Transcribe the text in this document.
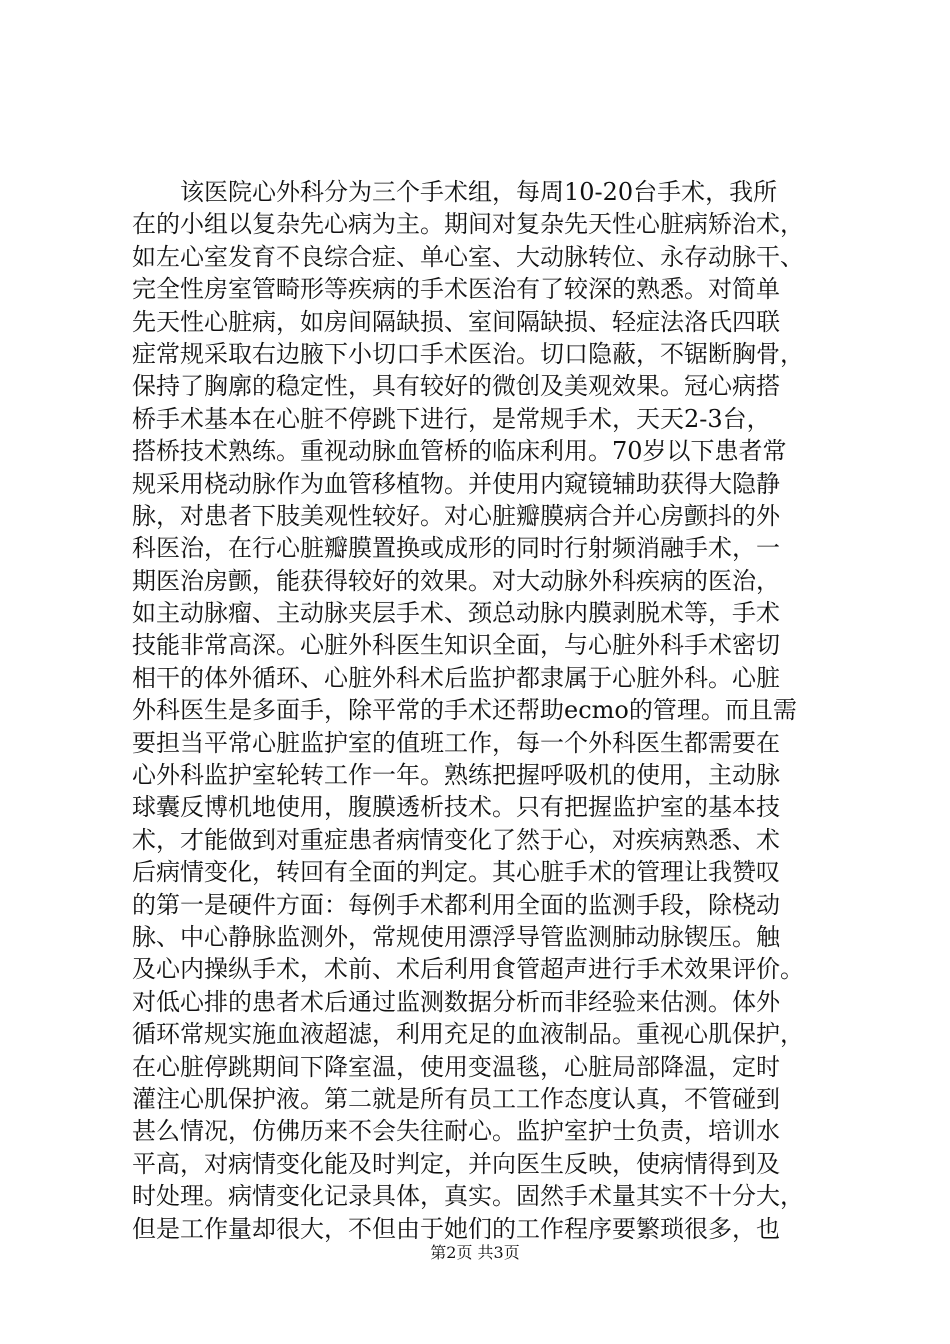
　　该医院心外科分为三个手术组，每周10-20台手术，我所
在的小组以复杂先心病为主。期间对复杂先天性心脏病矫治术，
如左心室发育不良综合症、单心室、大动脉转位、永存动脉干、
完全性房室管畸形等疾病的手术医治有了较深的熟悉。对简单
先天性心脏病，如房间隔缺损、室间隔缺损、轻症法洛氏四联
症常规采取右边腋下小切口手术医治。切口隐蔽，不锯断胸骨，
保持了胸廓的稳定性，具有较好的微创及美观效果。冠心病搭
桥手术基本在心脏不停跳下进行，是常规手术，天天2-3台，
搭桥技术熟练。重视动脉血管桥的临床利用。70岁以下患者常
规采用桡动脉作为血管移植物。并使用内窥镜辅助获得大隐静
脉，对患者下肢美观性较好。对心脏瓣膜病合并心房颤抖的外
科医治，在行心脏瓣膜置换或成形的同时行射频消融手术，一
期医治房颤，能获得较好的效果。对大动脉外科疾病的医治，
如主动脉瘤、主动脉夹层手术、颈总动脉内膜剥脱术等，手术
技能非常高深。心脏外科医生知识全面，与心脏外科手术密切
相干的体外循环、心脏外科术后监护都隶属于心脏外科。心脏
外科医生是多面手，除平常的手术还帮助ecmo的管理。而且需
要担当平常心脏监护室的值班工作，每一个外科医生都需要在
心外科监护室轮转工作一年。熟练把握呼吸机的使用，主动脉
球囊反博机地使用，腹膜透析技术。只有把握监护室的基本技
术，才能做到对重症患者病情变化了然于心，对疾病熟悉、术
后病情变化，转回有全面的判定。其心脏手术的管理让我赞叹
的第一是硬件方面：每例手术都利用全面的监测手段，除桡动
脉、中心静脉监测外，常规使用漂浮导管监测肺动脉锲压。触
及心内操纵手术，术前、术后利用食管超声进行手术效果评价。
对低心排的患者术后通过监测数据分析而非经验来估测。体外
循环常规实施血液超滤，利用充足的血液制品。重视心肌保护，
在心脏停跳期间下降室温，使用变温毯，心脏局部降温，定时
灌注心肌保护液。第二就是所有员工工作态度认真，不管碰到
甚么情况，仿佛历来不会失往耐心。监护室护士负责，培训水
平高，对病情变化能及时判定，并向医生反映，使病情得到及
时处理。病情变化记录具体，真实。固然手术量其实不十分大，
但是工作量却很大，不但由于她们的工作程序要繁琐很多，也
第2页 共3页
